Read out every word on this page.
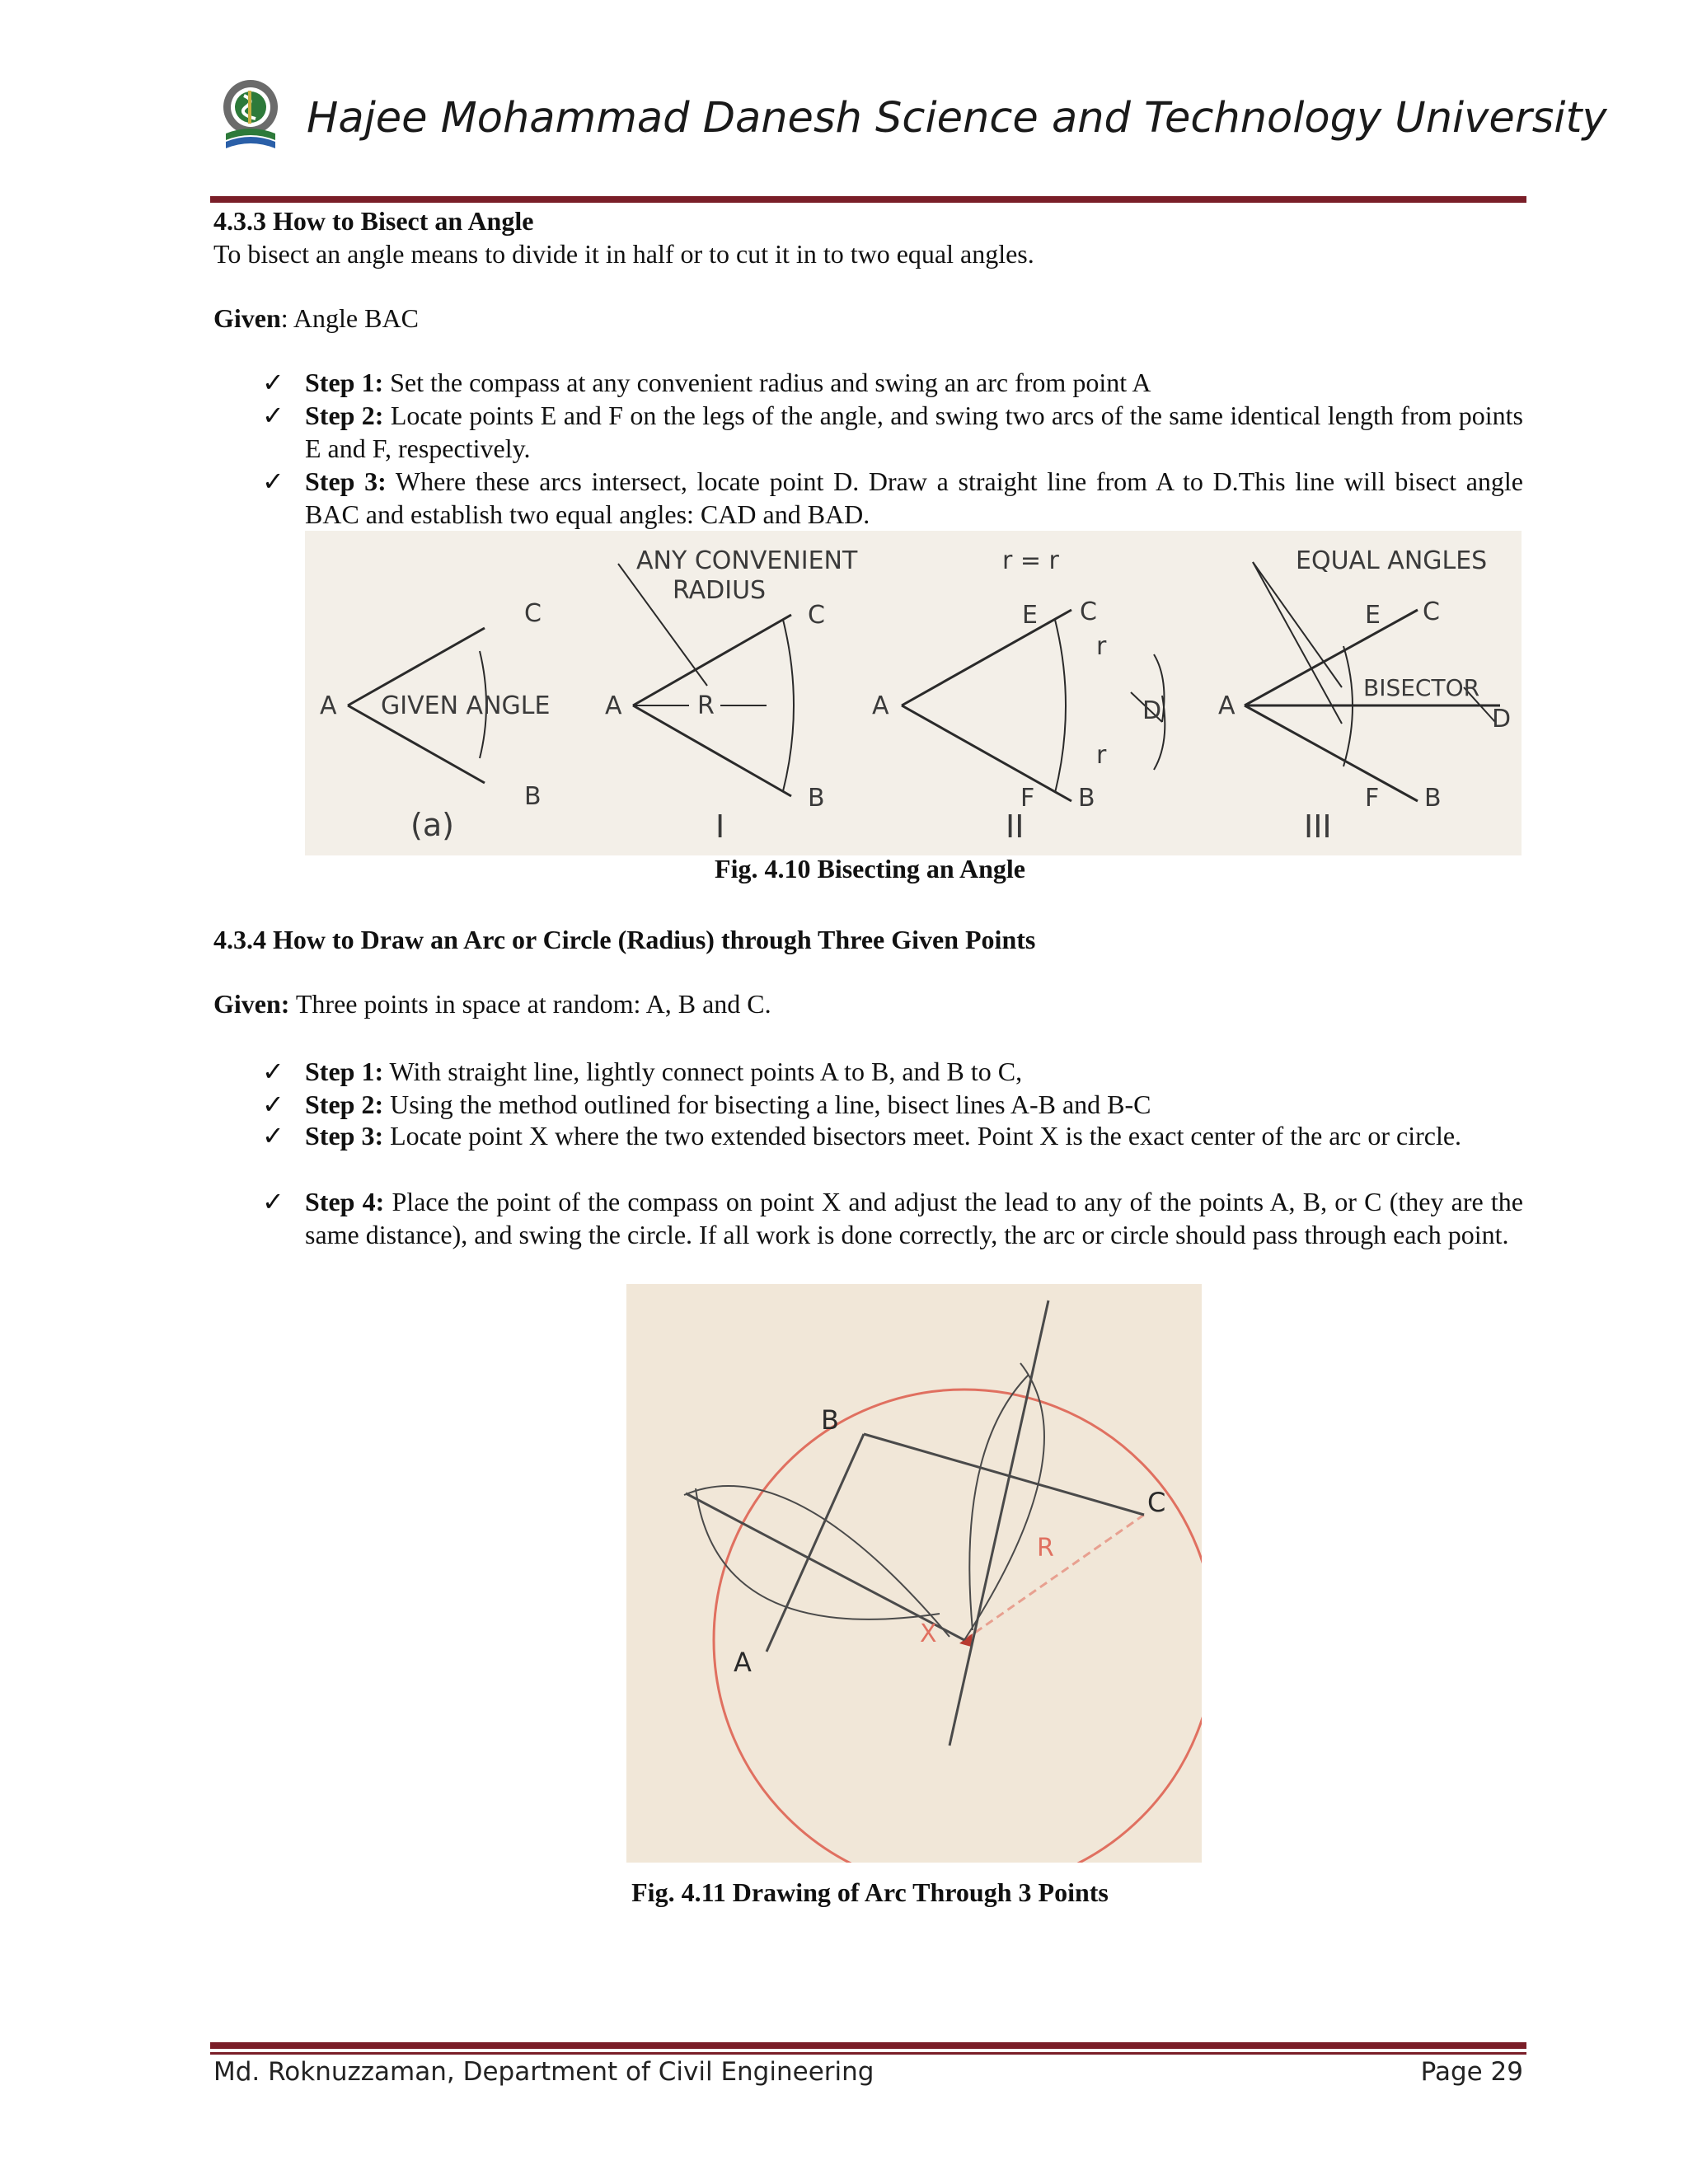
Hajee Mohammad Danesh Science and Technology University
4.3.3 How to Bisect an Angle
To bisect an angle means to divide it in half or to cut it in to two equal angles.
Given: Angle BAC
✓ Step 1: Set the compass at any convenient radius and swing an arc from point A
✓ Step 2: Locate points E and F on the legs of the angle, and swing two arcs of the same identical length from points E and F, respectively.
✓ Step 3: Where these arcs intersect, locate point D. Draw a straight line from A to D.This line will bisect angle BAC and establish two equal angles: CAD and BAD.
A
C
B
GIVEN ANGLE
(a)
A
C
B
R
ANY CONVENIENT
RADIUS
I
A
E C
F B
D
r
r
r = r
II
A
E C
F B
D
BISECTOR
EQUAL ANGLES
III
Fig. 4.10 Bisecting an Angle
4.3.4 How to Draw an Arc or Circle (Radius) through Three Given Points
Given: Three points in space at random: A, B and C.
✓ Step 1: With straight line, lightly connect points A to B, and B to C,
✓ Step 2: Using the method outlined for bisecting a line, bisect lines A-B and B-C
✓ Step 3: Locate point X where the two extended bisectors meet. Point X is the exact center of the arc or circle.
✓ Step 4: Place the point of the compass on point X and adjust the lead to any of the points A, B, or C (they are the same distance), and swing the circle. If all work is done correctly, the arc or circle should pass through each point.
B
C
A
R
X
Fig. 4.11 Drawing of Arc Through 3 Points
Md. Roknuzzaman, Department of Civil Engineering	Page 29
